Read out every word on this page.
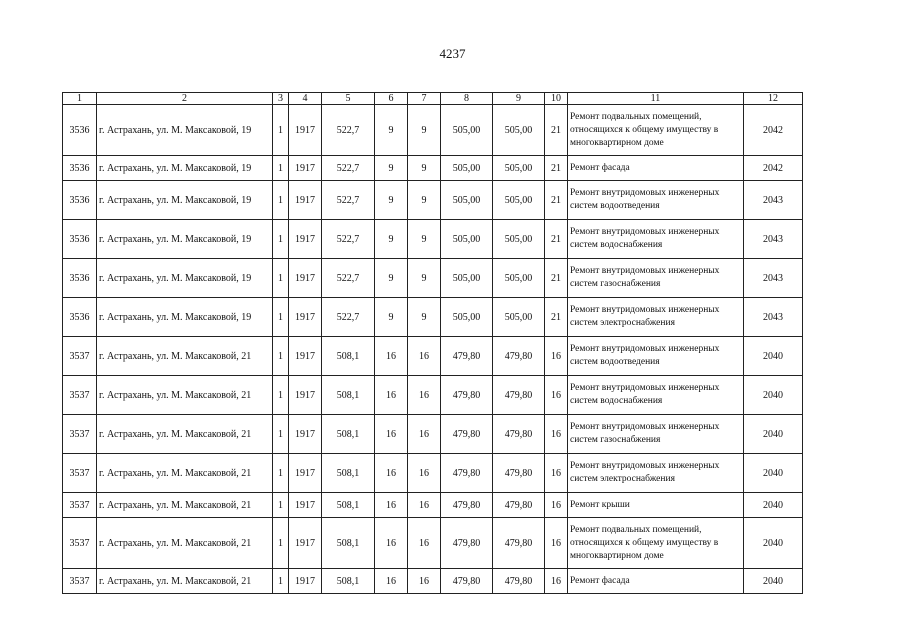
4237
1	2	3	4	5	6	7	8	9	10	11	12
3536	г. Астрахань, ул. М. Максаковой, 19	1	1917	522,7	9	9	505,00	505,00	21	Ремонт подвальных помещений, относящихся к общему имуществу в многоквартирном доме	2042
3536	г. Астрахань, ул. М. Максаковой, 19	1	1917	522,7	9	9	505,00	505,00	21	Ремонт фасада	2042
3536	г. Астрахань, ул. М. Максаковой, 19	1	1917	522,7	9	9	505,00	505,00	21	Ремонт внутридомовых инженерных систем водоотведения	2043
3536	г. Астрахань, ул. М. Максаковой, 19	1	1917	522,7	9	9	505,00	505,00	21	Ремонт внутридомовых инженерных систем водоснабжения	2043
3536	г. Астрахань, ул. М. Максаковой, 19	1	1917	522,7	9	9	505,00	505,00	21	Ремонт внутридомовых инженерных систем газоснабжения	2043
3536	г. Астрахань, ул. М. Максаковой, 19	1	1917	522,7	9	9	505,00	505,00	21	Ремонт внутридомовых инженерных систем электроснабжения	2043
3537	г. Астрахань, ул. М. Максаковой, 21	1	1917	508,1	16	16	479,80	479,80	16	Ремонт внутридомовых инженерных систем водоотведения	2040
3537	г. Астрахань, ул. М. Максаковой, 21	1	1917	508,1	16	16	479,80	479,80	16	Ремонт внутридомовых инженерных систем водоснабжения	2040
3537	г. Астрахань, ул. М. Максаковой, 21	1	1917	508,1	16	16	479,80	479,80	16	Ремонт внутридомовых инженерных систем газоснабжения	2040
3537	г. Астрахань, ул. М. Максаковой, 21	1	1917	508,1	16	16	479,80	479,80	16	Ремонт внутридомовых инженерных систем электроснабжения	2040
3537	г. Астрахань, ул. М. Максаковой, 21	1	1917	508,1	16	16	479,80	479,80	16	Ремонт крыши	2040
3537	г. Астрахань, ул. М. Максаковой, 21	1	1917	508,1	16	16	479,80	479,80	16	Ремонт подвальных помещений, относящихся к общему имуществу в многоквартирном доме	2040
3537	г. Астрахань, ул. М. Максаковой, 21	1	1917	508,1	16	16	479,80	479,80	16	Ремонт фасада	2040
